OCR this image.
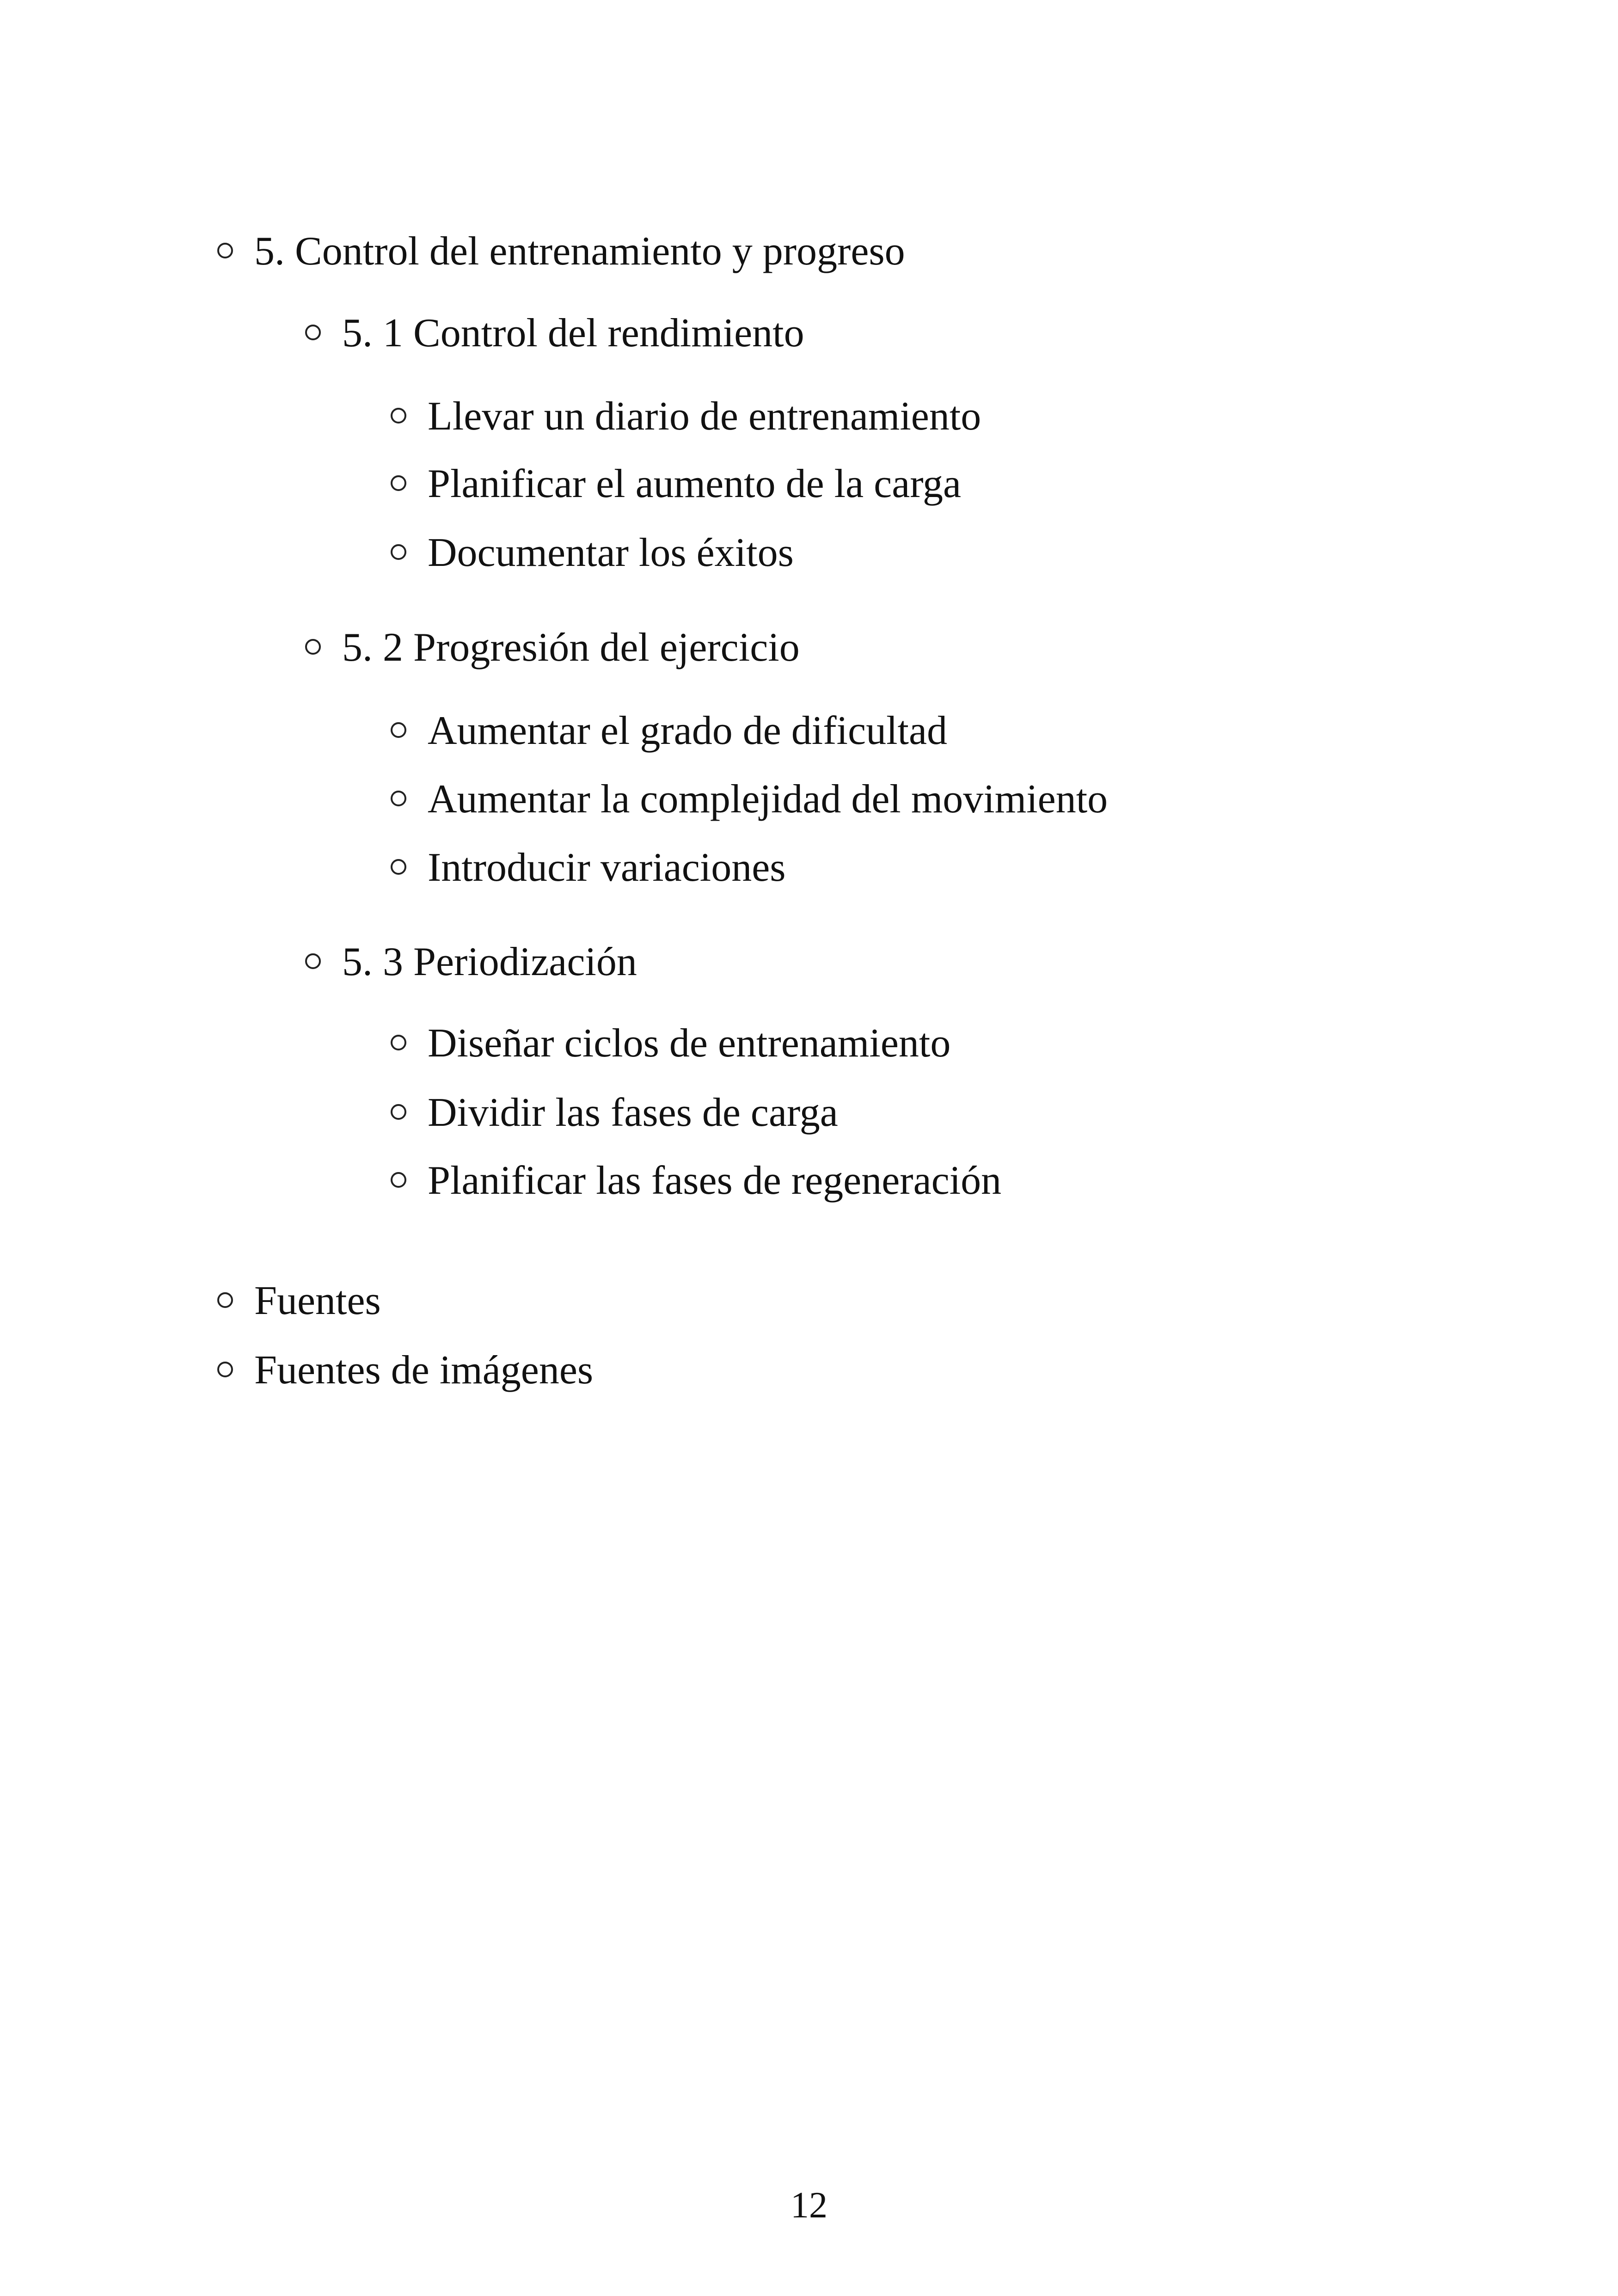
5. Control del entrenamiento y progreso
5. 1 Control del rendimiento
Llevar un diario de entrenamiento
Planificar el aumento de la carga
Documentar los éxitos
5. 2 Progresión del ejercicio
Aumentar el grado de dificultad
Aumentar la complejidad del movimiento
Introducir variaciones
5. 3 Periodización
Diseñar ciclos de entrenamiento
Dividir las fases de carga
Planificar las fases de regeneración
Fuentes
Fuentes de imágenes
12
